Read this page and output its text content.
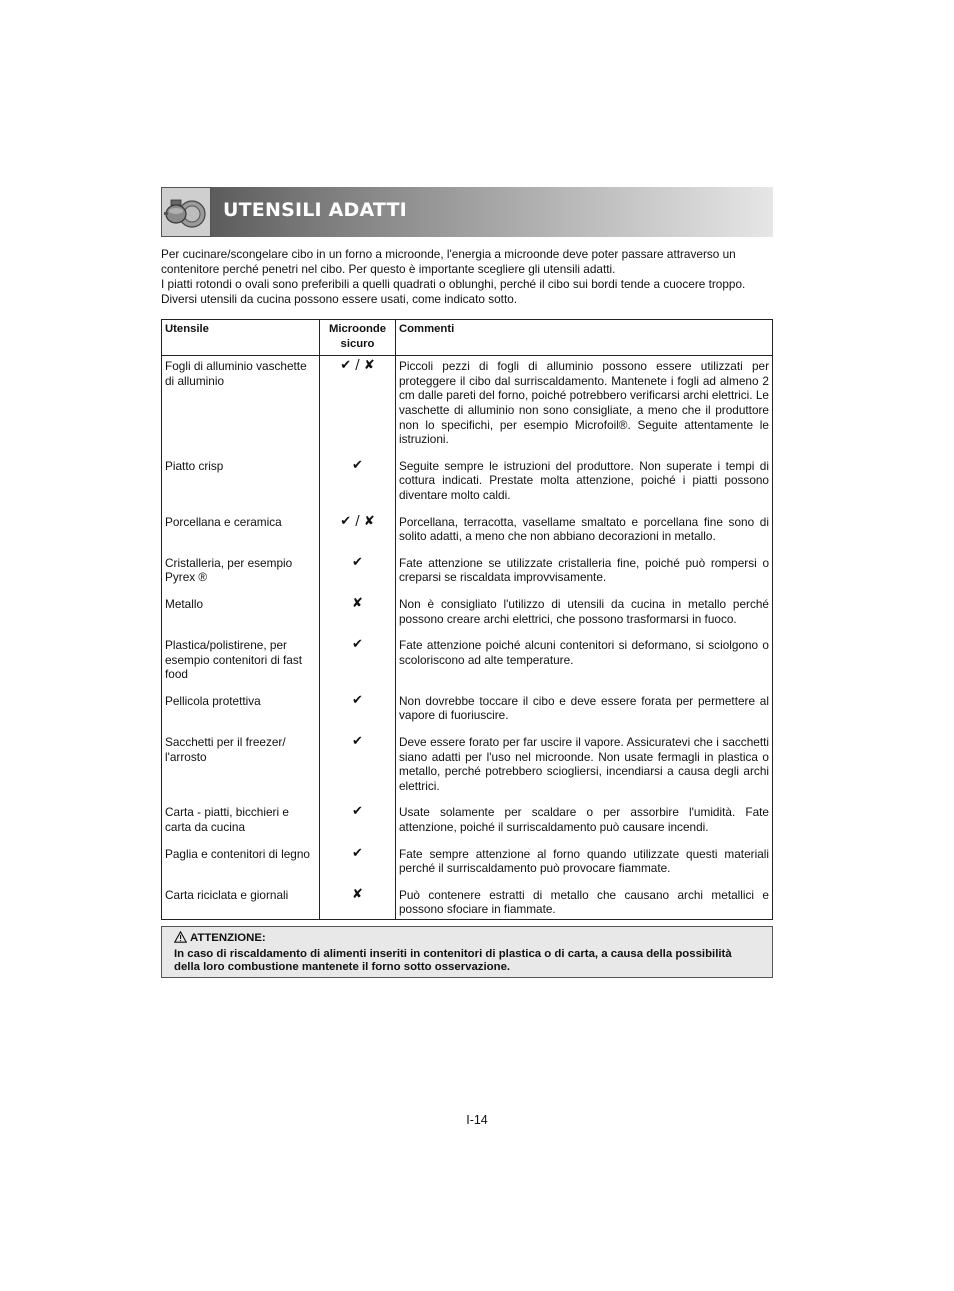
UTENSILI ADATTI

Per cucinare/scongelare cibo in un forno a microonde, l'energia a microonde deve poter passare attraverso un contenitore perché penetri nel cibo. Per questo è importante scegliere gli utensili adatti.

I piatti rotondi o ovali sono preferibili a quelli quadrati o oblunghi, perché il cibo sui bordi tende a cuocere troppo. Diversi utensili da cucina possono essere usati, come indicato sotto.

Utensile	Microonde sicuro	Commenti
Fogli di alluminio vaschette di alluminio	✔ / ✘	Piccoli pezzi di fogli di alluminio possono essere utilizzati per proteggere il cibo dal surriscaldamento. Mantenete i fogli ad almeno 2 cm dalle pareti del forno, poiché potrebbero verificarsi archi elettrici. Le vaschette di alluminio non sono consigliate, a meno che il produttore non lo specifichi, per esempio Microfoil®. Seguite attentamente le istruzioni.
Piatto crisp	✔	Seguite sempre le istruzioni del produttore. Non superate i tempi di cottura indicati. Prestate molta attenzione, poiché i piatti possono diventare molto caldi.
Porcellana e ceramica	✔ / ✘	Porcellana, terracotta, vasellame smaltato e porcellana fine sono di solito adatti, a meno che non abbiano decorazioni in metallo.
Cristalleria, per esempio Pyrex ®	✔	Fate attenzione se utilizzate cristalleria fine, poiché può rompersi o creparsi se riscaldata improvvisamente.
Metallo	✘	Non è consigliato l'utilizzo di utensili da cucina in metallo perché possono creare archi elettrici, che possono trasformarsi in fuoco.
Plastica/polistirene, per esempio contenitori di fast food	✔	Fate attenzione poiché alcuni contenitori si deformano, si sciolgono o scoloriscono ad alte temperature.
Pellicola protettiva	✔	Non dovrebbe toccare il cibo e deve essere forata per permettere al vapore di fuoriuscire.
Sacchetti per il freezer/ l'arrosto	✔	Deve essere forato per far uscire il vapore. Assicuratevi che i sacchetti siano adatti per l'uso nel microonde. Non usate fermagli in plastica o metallo, perché potrebbero sciogliersi, incendiarsi a causa degli archi elettrici.
Carta - piatti, bicchieri e carta da cucina	✔	Usate solamente per scaldare o per assorbire l'umidità. Fate attenzione, poiché il surriscaldamento può causare incendi.
Paglia e contenitori di legno	✔	Fate sempre attenzione al forno quando utilizzate questi materiali perché il surriscaldamento può provocare fiammate.
Carta riciclata e giornali	✘	Può contenere estratti di metallo che causano archi metallici e possono sfociare in fiammate.
ATTENZIONE:
In caso di riscaldamento di alimenti inseriti in contenitori di plastica o di carta, a causa della possibilità della loro combustione mantenete il forno sotto osservazione.
I-14
